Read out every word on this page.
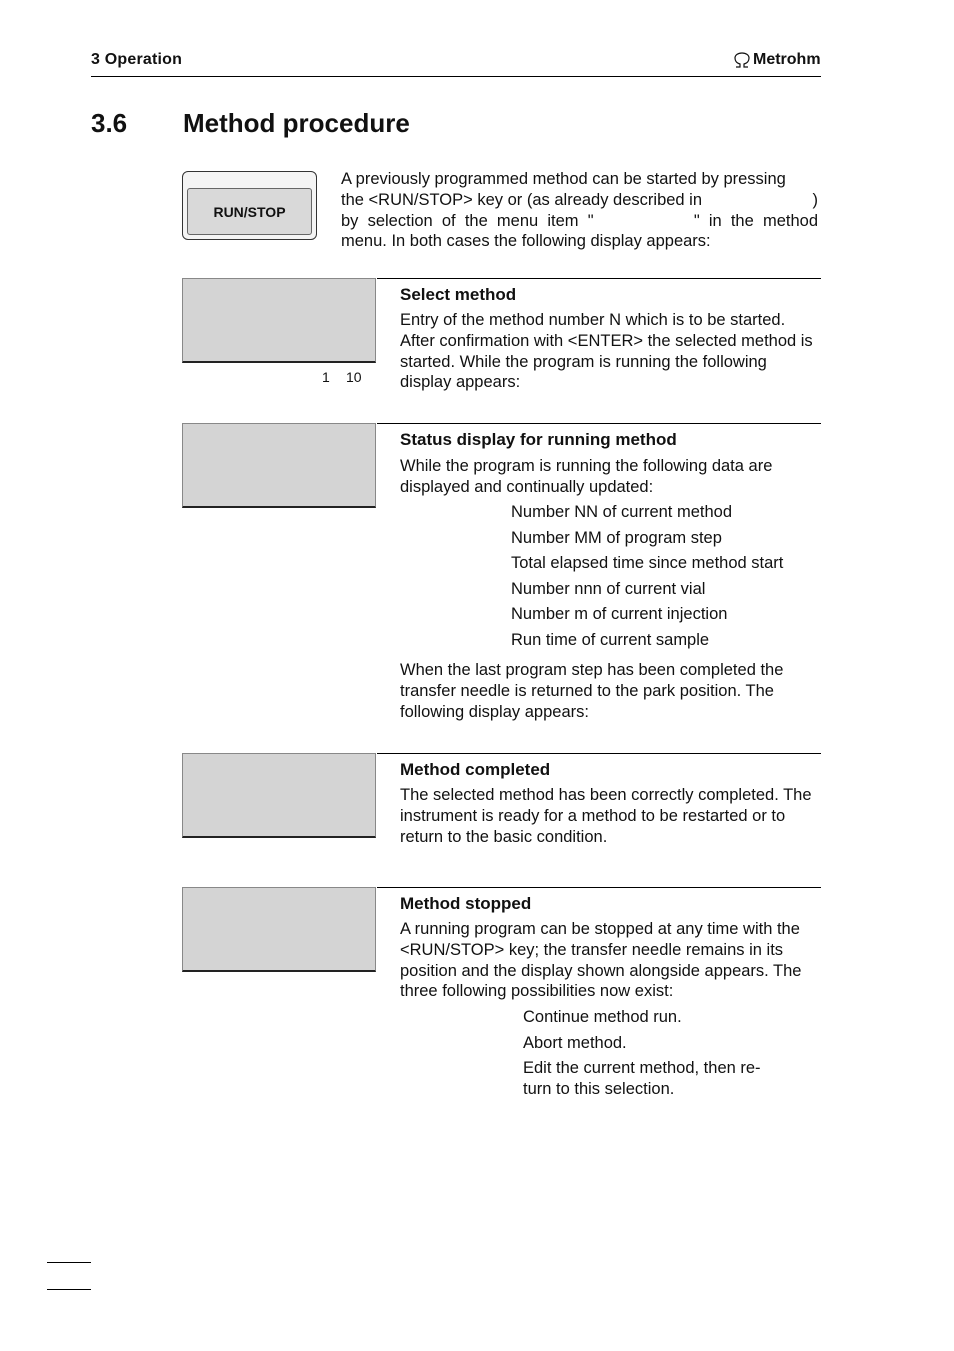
3 Operation	Metrohm
3.6 Method procedure
RUN/STOP
A previously programmed method can be started by pressing
the <RUN/STOP> key or (as already described in	)
by  selection  of  the  menu  item  "	"  in  the  method
menu. In both cases the following display appears:
1 10
Select method
Entry of the method number N which is to be started. After confirmation with <ENTER> the selected method is started. While the program is running the following display appears:
Status display for running method
While the program is running the following data are displayed and continually updated:
Number NN of current method
Number MM of program step
Total elapsed time since method start
Number nnn of current vial
Number m of current injection
Run time of current sample
When the last program step has been completed the transfer needle is returned to the park position. The following display appears:
Method completed
The selected method has been correctly completed. The instrument is ready for a method to be restarted or to return to the basic condition.
Method stopped
A running program can be stopped at any time with the <RUN/STOP> key; the transfer needle remains in its position and the display shown alongside appears. The three following possibilities now exist:
Continue method run.
Abort method.
Edit the current method, then re-
turn to this selection.
